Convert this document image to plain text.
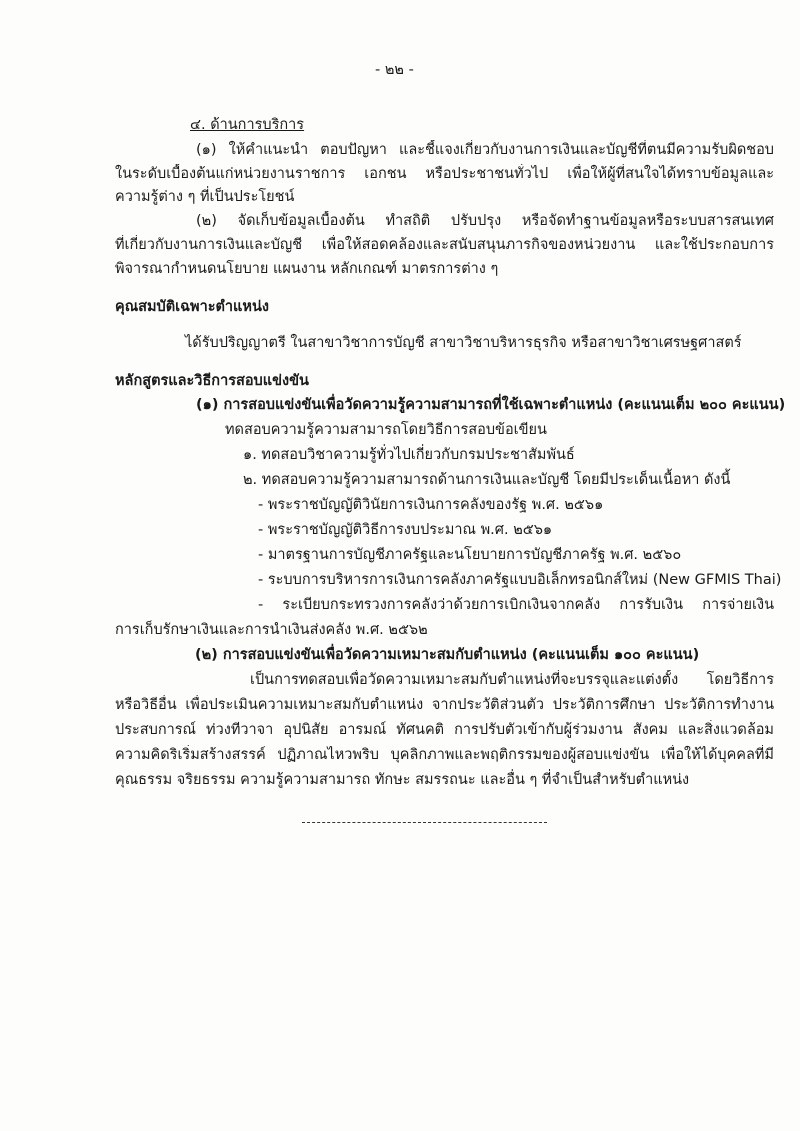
- ๒๒ -
๔. ด้านการบริการ
(๑) ให้คำแนะนำ ตอบปัญหา และชี้แจงเกี่ยวกับงานการเงินและบัญชีที่ตนมีความรับผิดชอบ
ในระดับเบื้องต้นแก่หน่วยงานราชการ เอกชน หรือประชาชนทั่วไป เพื่อให้ผู้ที่สนใจได้ทราบข้อมูลและ
ความรู้ต่าง ๆ ที่เป็นประโยชน์
(๒) จัดเก็บข้อมูลเบื้องต้น ทำสถิติ ปรับปรุง หรือจัดทำฐานข้อมูลหรือระบบสารสนเทศ
ที่เกี่ยวกับงานการเงินและบัญชี เพื่อให้สอดคล้องและสนับสนุนภารกิจของหน่วยงาน และใช้ประกอบการ
พิจารณากำหนดนโยบาย แผนงาน หลักเกณฑ์ มาตรการต่าง ๆ
คุณสมบัติเฉพาะตำแหน่ง
ได้รับปริญญาตรี ในสาขาวิชาการบัญชี สาขาวิชาบริหารธุรกิจ หรือสาขาวิชาเศรษฐศาสตร์
หลักสูตรและวิธีการสอบแข่งขัน
(๑) การสอบแข่งขันเพื่อวัดความรู้ความสามารถที่ใช้เฉพาะตำแหน่ง (คะแนนเต็ม ๒๐๐ คะแนน)
ทดสอบความรู้ความสามารถโดยวิธีการสอบข้อเขียน
๑. ทดสอบวิชาความรู้ทั่วไปเกี่ยวกับกรมประชาสัมพันธ์
๒. ทดสอบความรู้ความสามารถด้านการเงินและบัญชี โดยมีประเด็นเนื้อหา ดังนี้
- พระราชบัญญัติวินัยการเงินการคลังของรัฐ พ.ศ. ๒๕๖๑
- พระราชบัญญัติวิธีการงบประมาณ พ.ศ. ๒๕๖๑
- มาตรฐานการบัญชีภาครัฐและนโยบายการบัญชีภาครัฐ พ.ศ. ๒๕๖๐
- ระบบการบริหารการเงินการคลังภาครัฐแบบอิเล็กทรอนิกส์ใหม่ (New GFMIS Thai)
- ระเบียบกระทรวงการคลังว่าด้วยการเบิกเงินจากคลัง การรับเงิน การจ่ายเงิน
การเก็บรักษาเงินและการนำเงินส่งคลัง พ.ศ. ๒๕๖๒
(๒) การสอบแข่งขันเพื่อวัดความเหมาะสมกับตำแหน่ง (คะแนนเต็ม ๑๐๐ คะแนน)
เป็นการทดสอบเพื่อวัดความเหมาะสมกับตำแหน่งที่จะบรรจุและแต่งตั้ง โดยวิธีการ
หรือวิธีอื่น เพื่อประเมินความเหมาะสมกับตำแหน่ง จากประวัติส่วนตัว ประวัติการศึกษา ประวัติการทำงาน
ประสบการณ์ ท่วงทีวาจา อุปนิสัย อารมณ์ ทัศนคติ การปรับตัวเข้ากับผู้ร่วมงาน สังคม และสิ่งแวดล้อม
ความคิดริเริ่มสร้างสรรค์ ปฏิภาณไหวพริบ บุคลิกภาพและพฤติกรรมของผู้สอบแข่งขัน เพื่อให้ได้บุคคลที่มี
คุณธรรม จริยธรรม ความรู้ความสามารถ ทักษะ สมรรถนะ และอื่น ๆ ที่จำเป็นสำหรับตำแหน่ง
